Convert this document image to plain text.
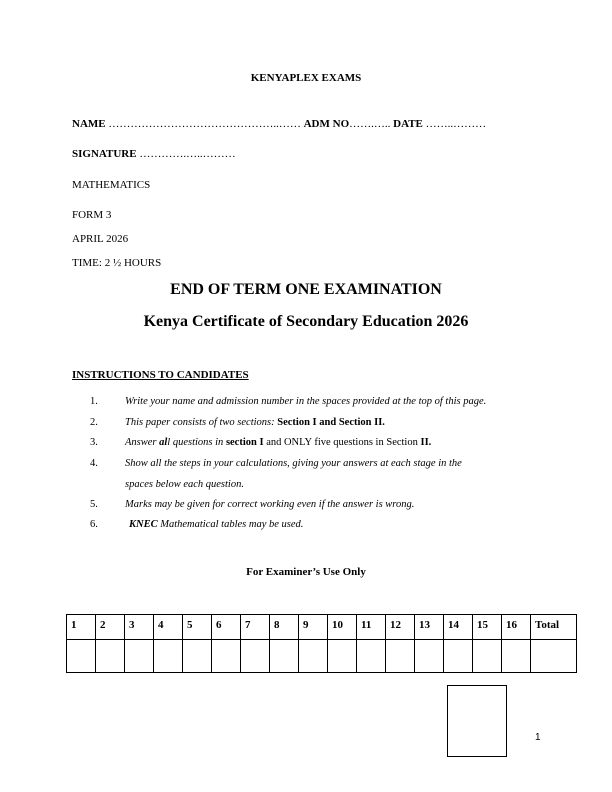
KENYAPLEX EXAMS
NAME ………………………………………..…… ADM NO…….….. DATE ……..………
SIGNATURE ………….…..………
MATHEMATICS
FORM 3
APRIL 2026
TIME: 2 ½ HOURS
END OF TERM ONE EXAMINATION
Kenya Certificate of Secondary Education 2026
INSTRUCTIONS TO CANDIDATES
1.	Write your name and admission number in the spaces provided at the top of this page.
2.	This paper consists of two sections: Section I and Section II.
3.	Answer all questions in section I and ONLY five questions in Section II.
4.	Show all the steps in your calculations, giving your answers at each stage in the
spaces below each question.
5.	Marks may be given for correct working even if the answer is wrong.
6.	KNEC Mathematical tables may be used.
For Examiner’s Use Only
1	2	3	4	5	6	7	8	9	10	11	12	13	14	15	16	Total

1
